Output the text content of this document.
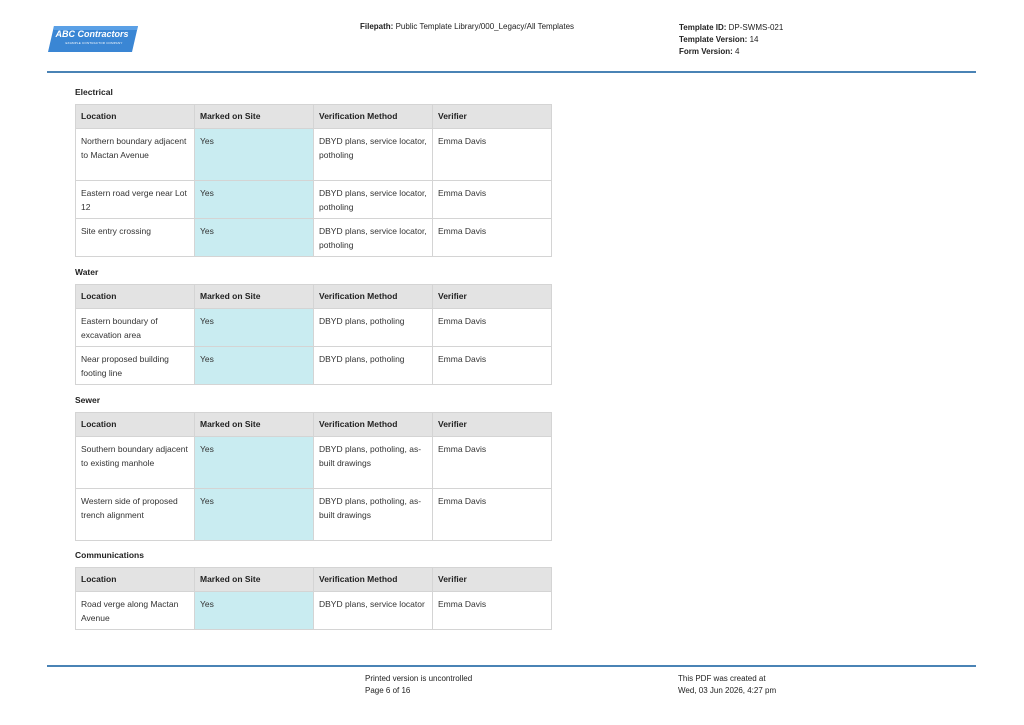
ABC Contractors
EXAMPLE CONTRACTOR COMPANY
Filepath: Public Template Library/000_Legacy/All Templates	Template ID: DP-SWMS-021
Template Version: 14
Form Version: 4
Electrical
Location	Marked on Site	Verification Method	Verifier
Northern boundary adjacent to Mactan Avenue	Yes	DBYD plans, service locator, potholing	Emma Davis
Eastern road verge near Lot 12	Yes	DBYD plans, service locator, potholing	Emma Davis
Site entry crossing	Yes	DBYD plans, service locator, potholing	Emma Davis
Water
Location	Marked on Site	Verification Method	Verifier
Eastern boundary of excavation area	Yes	DBYD plans, potholing	Emma Davis
Near proposed building footing line	Yes	DBYD plans, potholing	Emma Davis
Sewer
Location	Marked on Site	Verification Method	Verifier
Southern boundary adjacent to existing manhole	Yes	DBYD plans, potholing, as-built drawings	Emma Davis
Western side of proposed trench alignment	Yes	DBYD plans, potholing, as-built drawings	Emma Davis
Communications
Location	Marked on Site	Verification Method	Verifier
Road verge along Mactan Avenue	Yes	DBYD plans, service locator	Emma Davis
Printed version is uncontrolled
Page 6 of 16
This PDF was created at
Wed, 03 Jun 2026, 4:27 pm
